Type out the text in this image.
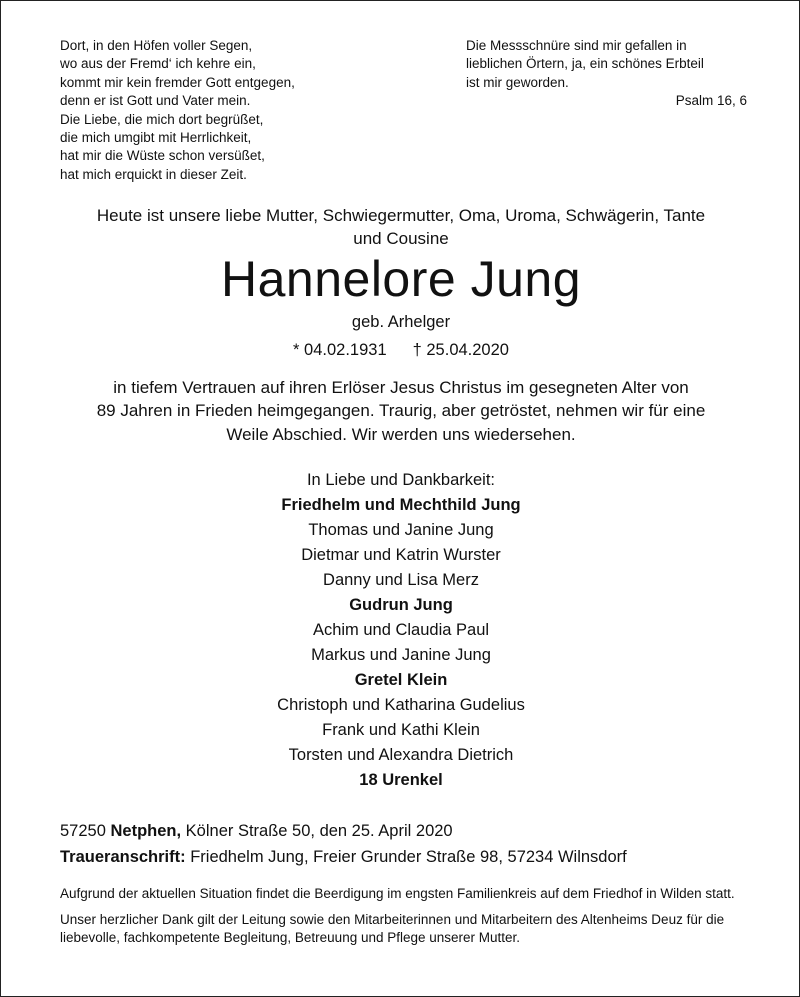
Dort, in den Höfen voller Segen,
wo aus der Fremd‘ ich kehre ein,
kommt mir kein fremder Gott entgegen,
denn er ist Gott und Vater mein.
Die Liebe, die mich dort begrüßet,
die mich umgibt mit Herrlichkeit,
hat mir die Wüste schon versüßet,
hat mich erquickt in dieser Zeit.
Die Messschnüre sind mir gefallen in
lieblichen Örtern, ja, ein schönes Erbteil
ist mir geworden.
Psalm 16, 6
Heute ist unsere liebe Mutter, Schwiegermutter, Oma, Uroma, Schwägerin, Tante
und Cousine
Hannelore Jung
geb. Arhelger
* 04.02.1931 † 25.04.2020
in tiefem Vertrauen auf ihren Erlöser Jesus Christus im gesegneten Alter von
89 Jahren in Frieden heimgegangen. Traurig, aber getröstet, nehmen wir für eine
Weile Abschied. Wir werden uns wiedersehen.
In Liebe und Dankbarkeit:
Friedhelm und Mechthild Jung
Thomas und Janine Jung
Dietmar und Katrin Wurster
Danny und Lisa Merz
Gudrun Jung
Achim und Claudia Paul
Markus und Janine Jung
Gretel Klein
Christoph und Katharina Gudelius
Frank und Kathi Klein
Torsten und Alexandra Dietrich
18 Urenkel
57250 Netphen, Kölner Straße 50, den 25. April 2020
Traueranschrift: Friedhelm Jung, Freier Grunder Straße 98, 57234 Wilnsdorf

Aufgrund der aktuellen Situation findet die Beerdigung im engsten Familienkreis auf dem Friedhof in Wilden statt.

Unser herzlicher Dank gilt der Leitung sowie den Mitarbeiterinnen und Mitarbeitern des Altenheims Deuz für die liebevolle, fachkompetente Begleitung, Betreuung und Pflege unserer Mutter.
